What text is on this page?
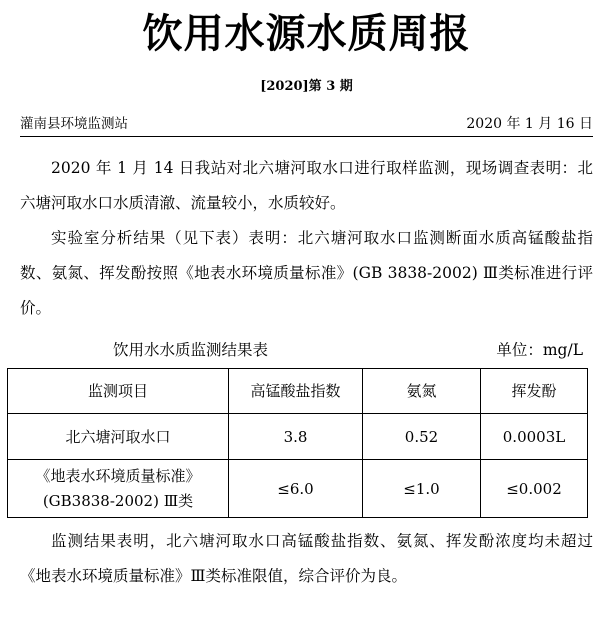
饮用水源水质周报

[2020]第 3 期

灌南县环境监测站	2020 年 1 月 16 日

2020 年 1 月 14 日我站对北六塘河取水口进行取样监测，现场调查表明：北六塘河取水口水质清澈、流量较小，水质较好。

实验室分析结果（见下表）表明：北六塘河取水口监测断面水质高锰酸盐指数、氨氮、挥发酚按照《地表水环境质量标准》(GB 3838-2002) Ⅲ类标准进行评价。

饮用水水质监测结果表	单位：mg/L
监测项目	高锰酸盐指数	氨氮	挥发酚
北六塘河取水口	3.8	0.52	0.0003L

《地表水环境质量标准》
(GB3838-2002) Ⅲ类	≤6.0	≤1.0	≤0.002

监测结果表明，北六塘河取水口高锰酸盐指数、氨氮、挥发酚浓度均未超过《地表水环境质量标准》Ⅲ类标准限值，综合评价为良。
